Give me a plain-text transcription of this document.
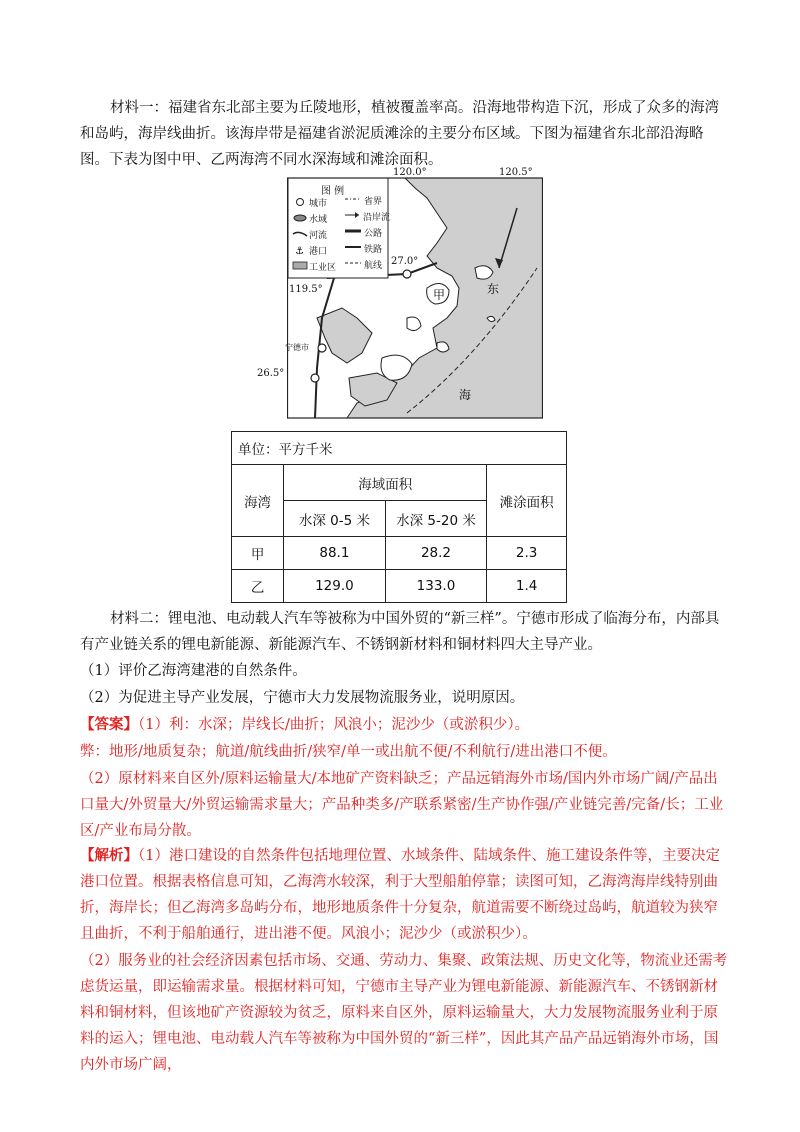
材料一：福建省东北部主要为丘陵地形，植被覆盖率高。沿海地带构造下沉，形成了众多的海湾和岛屿，海岸线曲折。该海岸带是福建省淤泥质滩涂的主要分布区域。下图为福建省东北部沿海略图。下表为图中甲、乙两海湾不同水深海域和滩涂面积。

⚓
图 例
城市	省界
水域	沿岸流
河流	公路
港口	铁路
工业区	航线
120.0°	120.5°
119.5°
27.0°
26.5°
甲	东
海
宁德市
单位：平方千米			
海湾	海域面积		滩涂面积
	水深 0-5 米	水深 5-20 米	
甲	88.1	28.2	2.3
乙	129.0	133.0	1.4

材料二：锂电池、电动载人汽车等被称为中国外贸的“新三样”。宁德市形成了临海分布，内部具有产业链关系的锂电新能源、新能源汽车、不锈钢新材料和铜材料四大主导产业。

（1）评价乙海湾建港的自然条件。

（2）为促进主导产业发展，宁德市大力发展物流服务业，说明原因。

【答案】（1）利：水深；岸线长/曲折；风浪小；泥沙少（或淤积少）。

弊：地形/地质复杂；航道/航线曲折/狭窄/单一或出航不便/不利航行/进出港口不便。

（2）原材料来自区外/原料运输量大/本地矿产资料缺乏；产品远销海外市场/国内外市场广阔/产品出口量大/外贸量大/外贸运输需求量大；产品种类多/产联系紧密/生产协作强/产业链完善/完备/长；工业区/产业布局分散。

【解析】（1）港口建设的自然条件包括地理位置、水域条件、陆域条件、施工建设条件等，主要决定港口位置。根据表格信息可知，乙海湾水较深，利于大型船舶停靠；读图可知，乙海湾海岸线特别曲折，海岸长；但乙海湾多岛屿分布，地形地质条件十分复杂，航道需要不断绕过岛屿，航道较为狭窄且曲折，不利于船舶通行，进出港不便。风浪小；泥沙少（或淤积少）。

（2）服务业的社会经济因素包括市场、交通、劳动力、集聚、政策法规、历史文化等，物流业还需考虑货运量，即运输需求量。根据材料可知，宁德市主导产业为锂电新能源、新能源汽车、不锈钢新材料和铜材料，但该地矿产资源较为贫乏，原料来自区外，原料运输量大，大力发展物流服务业利于原料的运入；锂电池、电动载人汽车等被称为中国外贸的“新三样”，因此其产品产品远销海外市场，国内外市场广阔，
